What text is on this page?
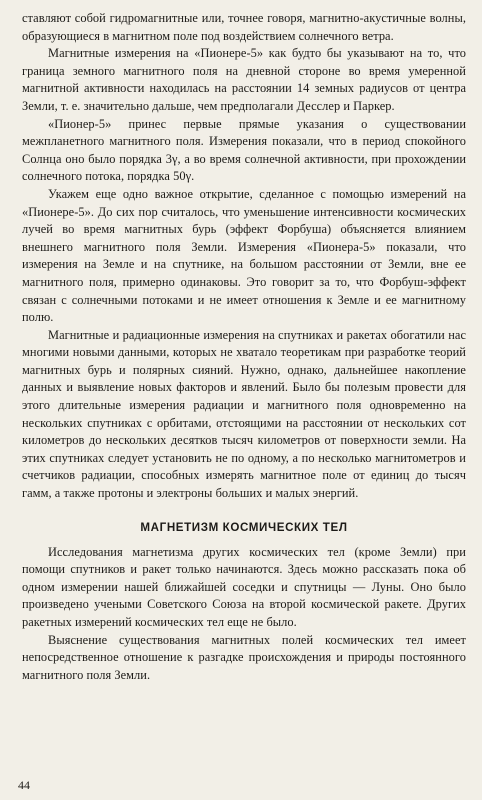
ставляют собой гидромагнитные или, точнее говоря, магнитно-акустичные волны, образующиеся в магнитном поле под воздействием солнечного ветра.

Магнитные измерения на «Пионере-5» как будто бы указывают на то, что граница земного магнитного поля на дневной стороне во время умеренной магнитной активности находилась на расстоянии 14 земных радиусов от центра Земли, т. е. значительно дальше, чем предполагали Десслер и Паркер.

«Пионер-5» принес первые прямые указания о существовании межпланетного магнитного поля. Измерения показали, что в период спокойного Солнца оно было порядка 3γ, а во время солнечной активности, при прохождении солнечного потока, порядка 50γ.

Укажем еще одно важное открытие, сделанное с помощью измерений на «Пионере-5». До сих пор считалось, что уменьшение интенсивности космических лучей во время магнитных бурь (эффект Форбуша) объясняется влиянием внешнего магнитного поля Земли. Измерения «Пионера-5» показали, что измерения на Земле и на спутнике, на большом расстоянии от Земли, вне ее магнитного поля, примерно одинаковы. Это говорит за то, что Форбуш-эффект связан с солнечными потоками и не имеет отношения к Земле и ее магнитному полю.

Магнитные и радиационные измерения на спутниках и ракетах обогатили нас многими новыми данными, которых не хватало теоретикам при разработке теорий магнитных бурь и полярных сияний. Нужно, однако, дальнейшее накопление данных и выявление новых факторов и явлений. Было бы полезым провести для этого длительные измерения радиации и магнитного поля одновременно на нескольких спутниках с орбитами, отстоящими на расстоянии от нескольких сот километров до нескольких десятков тысяч километров от поверхности земли. На этих спутниках следует установить не по одному, а по несколько магнитометров и счетчиков радиации, способных измерять магнитное поле от единиц до тысяч гамм, а также протоны и электроны больших и малых энергий.

МАГНЕТИЗМ КОСМИЧЕСКИХ ТЕЛ

Исследования магнетизма других космических тел (кроме Земли) при помощи спутников и ракет только начинаются. Здесь можно рассказать пока об одном измерении нашей ближайшей соседки и спутницы — Луны. Оно было произведено учеными Советского Союза на второй космической ракете. Других ракетных измерений космических тел еще не было.

Выяснение существования магнитных полей космических тел имеет непосредственное отношение к разгадке происхождения и природы постоянного магнитного поля Земли.

44
